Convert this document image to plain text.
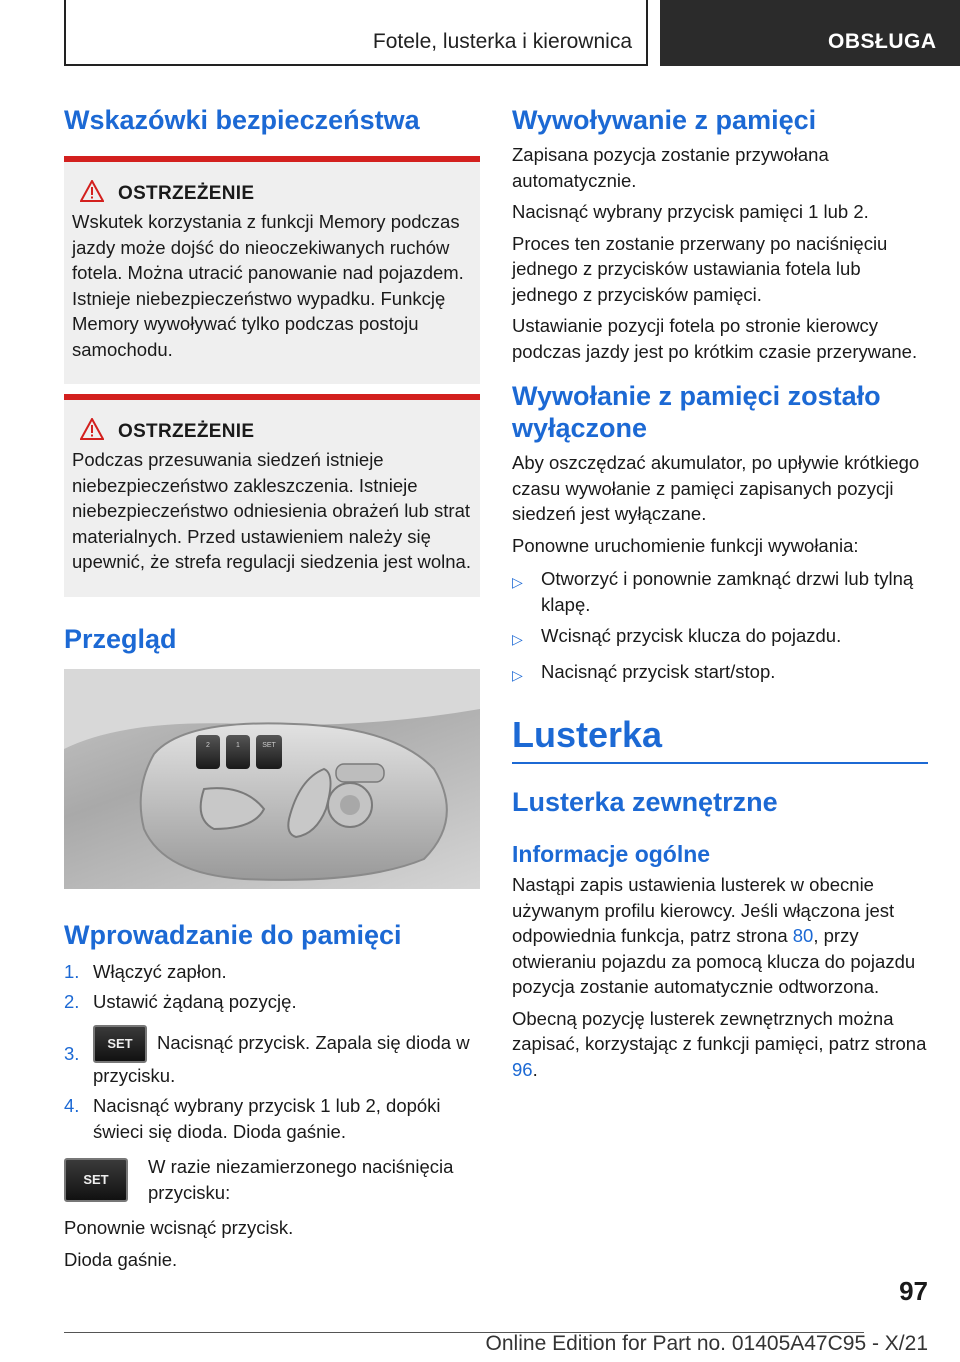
Fotele, lusterka i kierownica	OBSŁUGA
Wskazówki bezpieczeństwa
OSTRZEŻENIE

Wskutek korzystania z funkcji Memory podczas jazdy może dojść do nieoczekiwanych ruchów fotela. Można utracić panowanie nad pojazdem. Istnieje niebezpieczeństwo wypadku. Funkcję Memory wywoływać tylko podczas postoju samochodu.

OSTRZEŻENIE

Podczas przesuwania siedzeń istnieje niebezpieczeństwo zakleszczenia. Istnieje niebezpieczeństwo odniesienia obrażeń lub strat materialnych. Przed ustawieniem należy się upewnić, że strefa regulacji siedzenia jest wolna.

Przegląd
2	1	SET
Wprowadzanie do pamięci
1. Włączyć zapłon.
2. Ustawić żądaną pozycję.
3.	SET Nacisnąć przycisk. Zapala się dioda w przycisku.
4. Nacisnąć wybrany przycisk 1 lub 2, dopóki świeci się dioda. Dioda gaśnie.
SET

W razie niezamierzonego naciśnięcia przycisku:

Ponownie wcisnąć przycisk.

Dioda gaśnie.

Wywoływanie z pamięci

Zapisana pozycja zostanie przywołana automatycznie.

Nacisnąć wybrany przycisk pamięci 1 lub 2.

Proces ten zostanie przerwany po naciśnięciu jednego z przycisków ustawiania fotela lub jednego z przycisków pamięci.

Ustawianie pozycji fotela po stronie kierowcy podczas jazdy jest po krótkim czasie przerywane.

Wywołanie z pamięci zostało wyłączone

Aby oszczędzać akumulator, po upływie krótkiego czasu wywołanie z pamięci zapisanych pozycji siedzeń jest wyłączane.

Ponowne uruchomienie funkcji wywołania:

▷ Otworzyć i ponownie zamknąć drzwi lub tylną klapę.
▷ Wcisnąć przycisk klucza do pojazdu.
▷ Nacisnąć przycisk start/stop.
Lusterka
Lusterka zewnętrzne
Informacje ogólne

Nastąpi zapis ustawienia lusterek w obecnie używanym profilu kierowcy. Jeśli włączona jest odpowiednia funkcja, patrz strona 80, przy otwieraniu pojazdu za pomocą klucza do pojazdu pozycja zostanie automatycznie odtworzona.

Obecną pozycję lusterek zewnętrznych można zapisać, korzystając z funkcji pamięci, patrz strona 96.

97
Online Edition for Part no. 01405A47C95 - X/21
